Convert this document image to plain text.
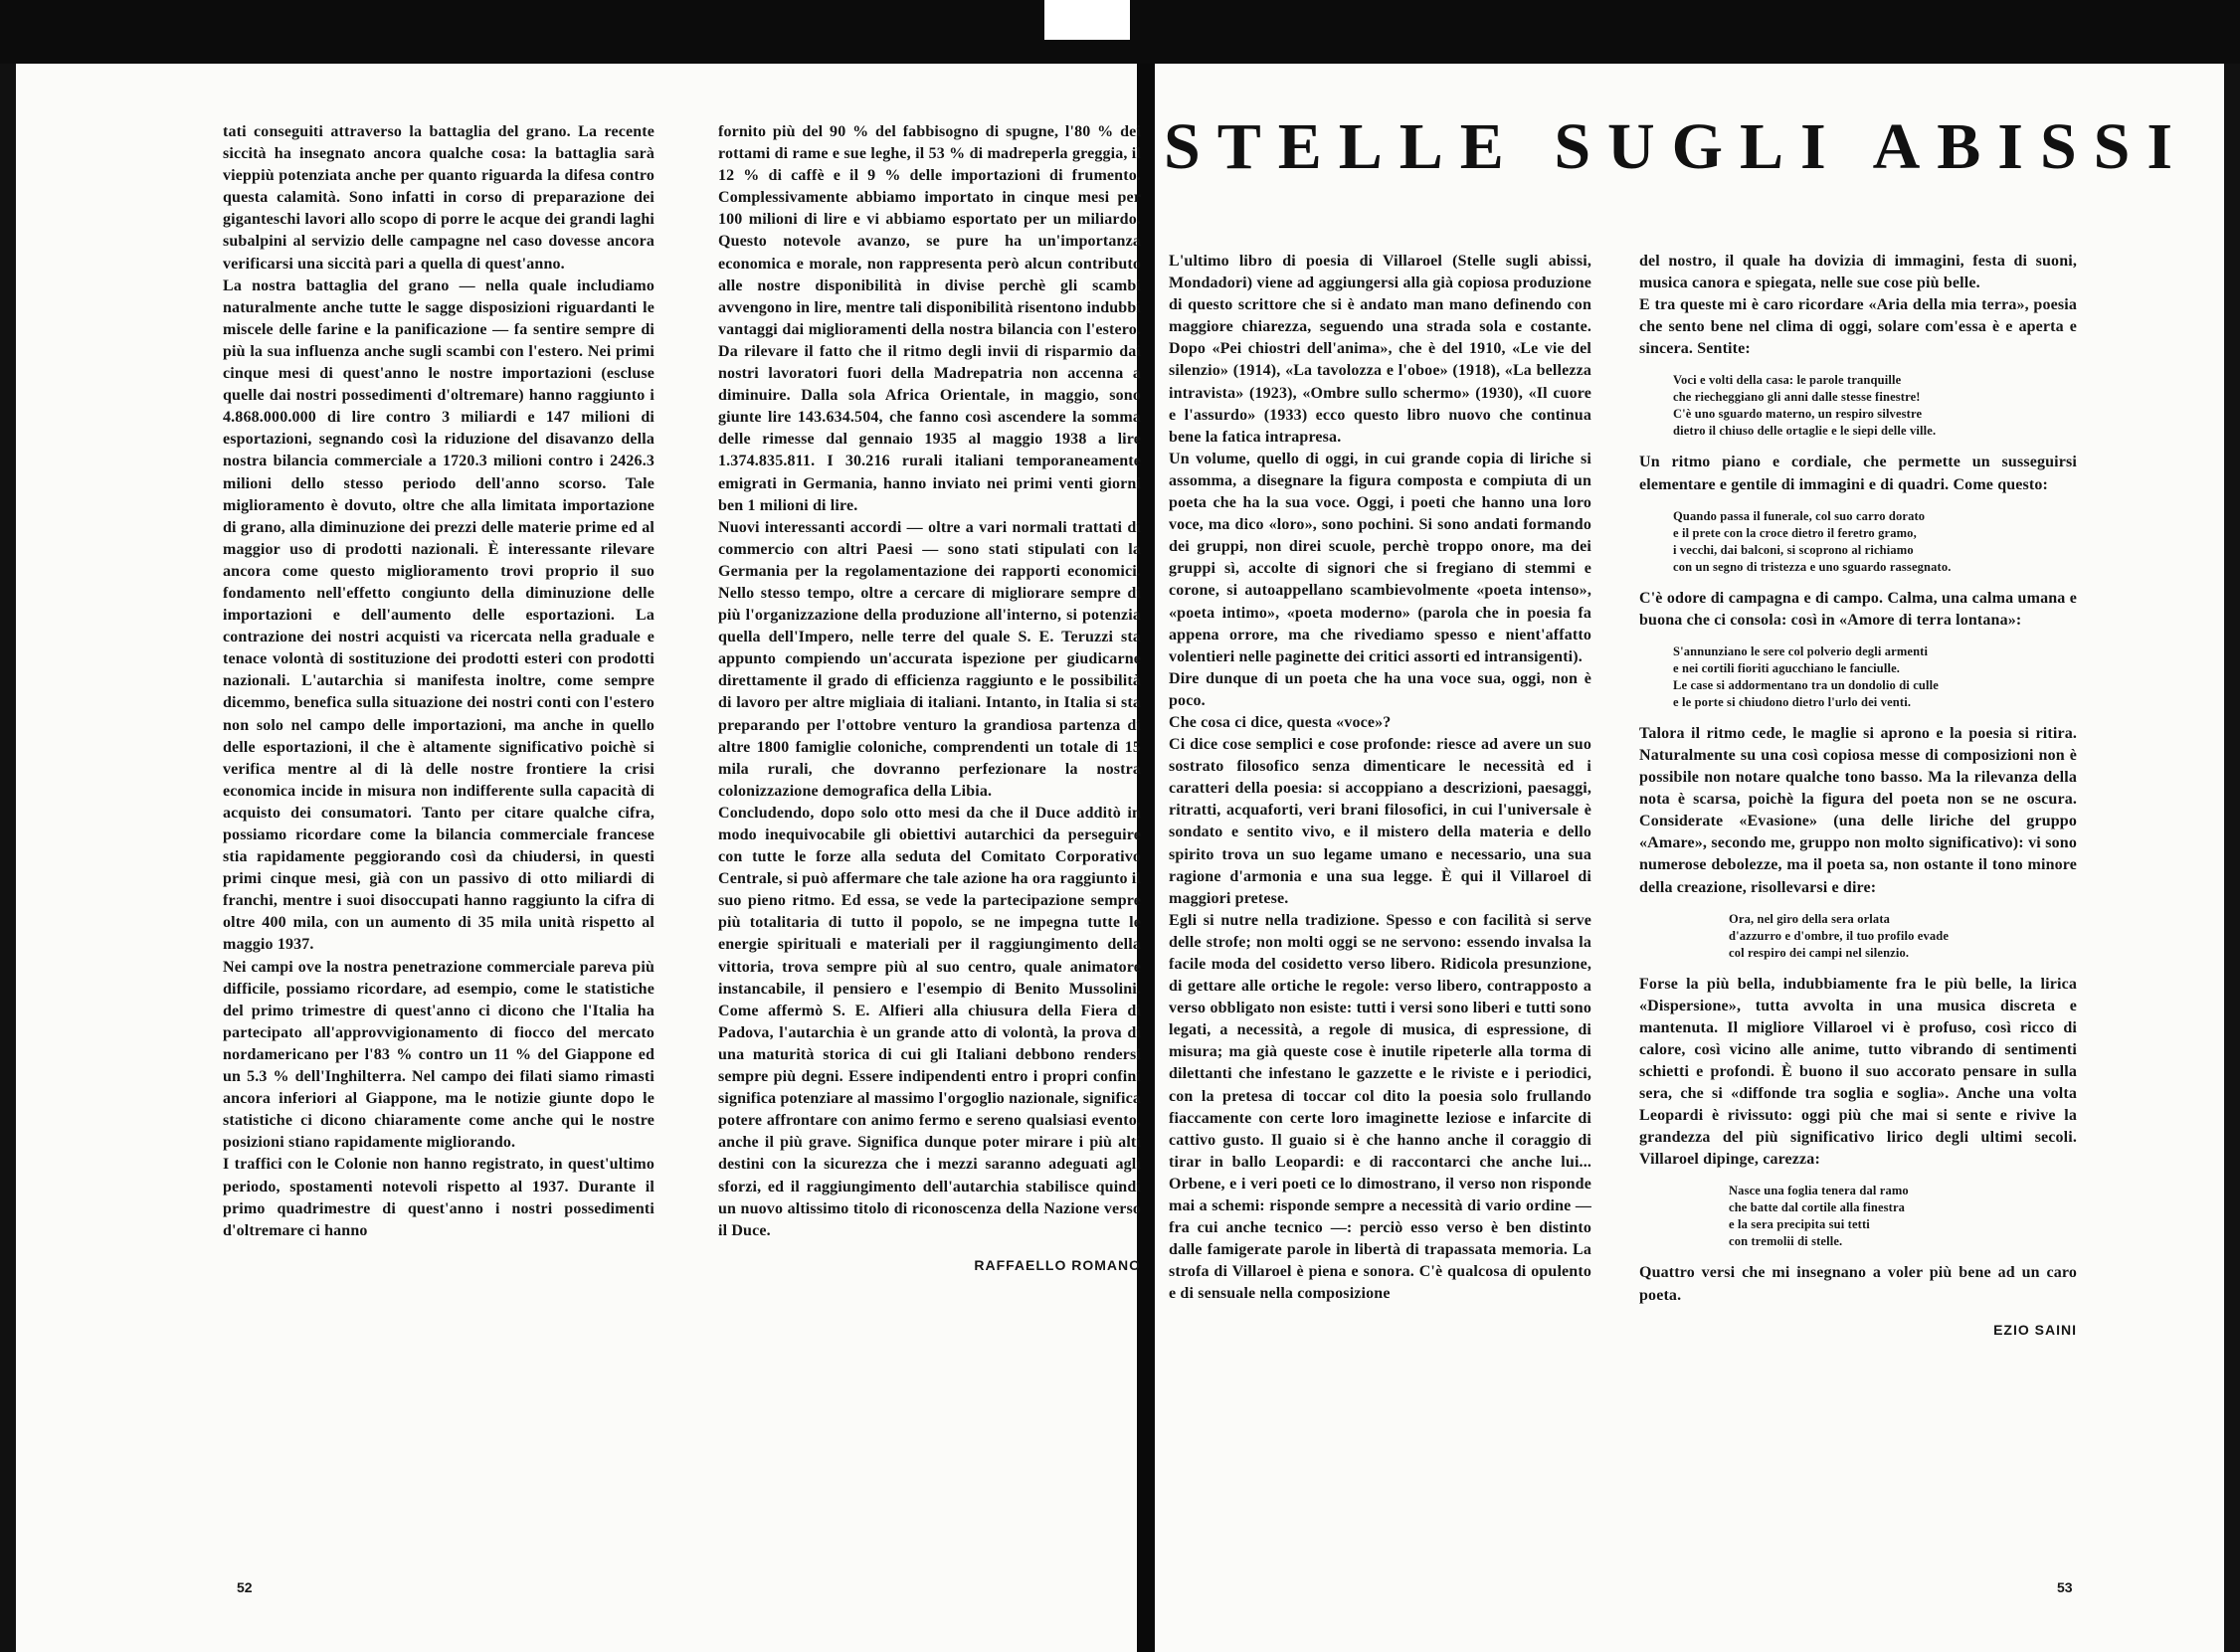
tati conseguiti attraverso la battaglia del grano. La recente siccità ha insegnato ancora qualche cosa: la battaglia sarà vieppiù potenziata anche per quanto riguarda la difesa contro questa calamità. Sono infatti in corso di preparazione dei giganteschi lavori allo scopo di porre le acque dei grandi laghi subalpini al servizio delle campagne nel caso dovesse ancora verificarsi una siccità pari a quella di quest'anno.

La nostra battaglia del grano — nella quale includiamo naturalmente anche tutte le sagge disposizioni riguardanti le miscele delle farine e la panificazione — fa sentire sempre di più la sua influenza anche sugli scambi con l'estero. Nei primi cinque mesi di quest'anno le nostre importazioni (escluse quelle dai nostri possedimenti d'oltremare) hanno raggiunto i 4.868.000.000 di lire contro 3 miliardi e 147 milioni di esportazioni, segnando così la riduzione del disavanzo della nostra bilancia commerciale a 1720.3 milioni contro i 2426.3 milioni dello stesso periodo dell'anno scorso. Tale miglioramento è dovuto, oltre che alla limitata importazione di grano, alla diminuzione dei prezzi delle materie prime ed al maggior uso di prodotti nazionali. È interessante rilevare ancora come questo miglioramento trovi proprio il suo fondamento nell'effetto congiunto della diminuzione delle importazioni e dell'aumento delle esportazioni. La contrazione dei nostri acquisti va ricercata nella graduale e tenace volontà di sostituzione dei prodotti esteri con prodotti nazionali. L'autarchia si manifesta inoltre, come sempre dicemmo, benefica sulla situazione dei nostri conti con l'estero non solo nel campo delle importazioni, ma anche in quello delle esportazioni, il che è altamente significativo poichè si verifica mentre al di là delle nostre frontiere la crisi economica incide in misura non indifferente sulla capacità di acquisto dei consumatori. Tanto per citare qualche cifra, possiamo ricordare come la bilancia commerciale francese stia rapidamente peggiorando così da chiudersi, in questi primi cinque mesi, già con un passivo di otto miliardi di franchi, mentre i suoi disoccupati hanno raggiunto la cifra di oltre 400 mila, con un aumento di 35 mila unità rispetto al maggio 1937.

Nei campi ove la nostra penetrazione commerciale pareva più difficile, possiamo ricordare, ad esempio, come le statistiche del primo trimestre di quest'anno ci dicono che l'Italia ha partecipato all'approvvigionamento di fiocco del mercato nordamericano per l'83 % contro un 11 % del Giappone ed un 5.3 % dell'Inghilterra. Nel campo dei filati siamo rimasti ancora inferiori al Giappone, ma le notizie giunte dopo le statistiche ci dicono chiaramente come anche qui le nostre posizioni stiano rapidamente migliorando.

I traffici con le Colonie non hanno registrato, in quest'ultimo periodo, spostamenti notevoli rispetto al 1937. Durante il primo quadrimestre di quest'anno i nostri possedimenti d'oltremare ci hanno

fornito più del 90 % del fabbisogno di spugne, l'80 % dei rottami di rame e sue leghe, il 53 % di madreperla greggia, il 12 % di caffè e il 9 % delle importazioni di frumento. Complessivamente abbiamo importato in cinque mesi per 100 milioni di lire e vi abbiamo esportato per un miliardo. Questo notevole avanzo, se pure ha un'importanza economica e morale, non rappresenta però alcun contributo alle nostre disponibilità in divise perchè gli scambi avvengono in lire, mentre tali disponibilità risentono indubbi vantaggi dai miglioramenti della nostra bilancia con l'estero. Da rilevare il fatto che il ritmo degli invii di risparmio dai nostri lavoratori fuori della Madrepatria non accenna a diminuire. Dalla sola Africa Orientale, in maggio, sono giunte lire 143.634.504, che fanno così ascendere la somma delle rimesse dal gennaio 1935 al maggio 1938 a lire 1.374.835.811. I 30.216 rurali italiani temporaneamente emigrati in Germania, hanno inviato nei primi venti giorni ben 1 milioni di lire.

Nuovi interessanti accordi — oltre a vari normali trattati di commercio con altri Paesi — sono stati stipulati con la Germania per la regolamentazione dei rapporti economici. Nello stesso tempo, oltre a cercare di migliorare sempre di più l'organizzazione della produzione all'interno, si potenzia quella dell'Impero, nelle terre del quale S. E. Teruzzi sta appunto compiendo un'accurata ispezione per giudicarne direttamente il grado di efficienza raggiunto e le possibilità di lavoro per altre migliaia di italiani. Intanto, in Italia si sta preparando per l'ottobre venturo la grandiosa partenza di altre 1800 famiglie coloniche, comprendenti un totale di 15 mila rurali, che dovranno perfezionare la nostra colonizzazione demografica della Libia.

Concludendo, dopo solo otto mesi da che il Duce additò in modo inequivocabile gli obiettivi autarchici da perseguire con tutte le forze alla seduta del Comitato Corporativo Centrale, si può affermare che tale azione ha ora raggiunto il suo pieno ritmo. Ed essa, se vede la partecipazione sempre più totalitaria di tutto il popolo, se ne impegna tutte le energie spirituali e materiali per il raggiungimento della vittoria, trova sempre più al suo centro, quale animatore instancabile, il pensiero e l'esempio di Benito Mussolini. Come affermò S. E. Alfieri alla chiusura della Fiera di Padova, l'autarchia è un grande atto di volontà, la prova di una maturità storica di cui gli Italiani debbono rendersi sempre più degni. Essere indipendenti entro i propri confini significa potenziare al massimo l'orgoglio nazionale, significa potere affrontare con animo fermo e sereno qualsiasi evento, anche il più grave. Significa dunque poter mirare i più alti destini con la sicurezza che i mezzi saranno adeguati agli sforzi, ed il raggiungimento dell'autarchia stabilisce quindi un nuovo altissimo titolo di riconoscenza della Nazione verso il Duce.

RAFFAELLO ROMANO
52
STELLE SUGLI ABISSI

L'ultimo libro di poesia di Villaroel (Stelle sugli abissi, Mondadori) viene ad aggiungersi alla già copiosa produzione di questo scrittore che si è andato man mano definendo con maggiore chiarezza, seguendo una strada sola e costante. Dopo «Pei chiostri dell'anima», che è del 1910, «Le vie del silenzio» (1914), «La tavolozza e l'oboe» (1918), «La bellezza intravista» (1923), «Ombre sullo schermo» (1930), «Il cuore e l'assurdo» (1933) ecco questo libro nuovo che continua bene la fatica intrapresa.

Un volume, quello di oggi, in cui grande copia di liriche si assomma, a disegnare la figura composta e compiuta di un poeta che ha la sua voce. Oggi, i poeti che hanno una loro voce, ma dico «loro», sono pochini. Si sono andati formando dei gruppi, non direi scuole, perchè troppo onore, ma dei gruppi sì, accolte di signori che si fregiano di stemmi e corone, si autoappellano scambievolmente «poeta intenso», «poeta intimo», «poeta moderno» (parola che in poesia fa appena orrore, ma che rivediamo spesso e nient'affatto volentieri nelle paginette dei critici assorti ed intransigenti).

Dire dunque di un poeta che ha una voce sua, oggi, non è poco.

Che cosa ci dice, questa «voce»?

Ci dice cose semplici e cose profonde: riesce ad avere un suo sostrato filosofico senza dimenticare le necessità ed i caratteri della poesia: si accoppiano a descrizioni, paesaggi, ritratti, acquaforti, veri brani filosofici, in cui l'universale è sondato e sentito vivo, e il mistero della materia e dello spirito trova un suo legame umano e necessario, una sua ragione d'armonia e una sua legge. È qui il Villaroel di maggiori pretese.

Egli si nutre nella tradizione. Spesso e con facilità si serve delle strofe; non molti oggi se ne servono: essendo invalsa la facile moda del cosidetto verso libero. Ridicola presunzione, di gettare alle ortiche le regole: verso libero, contrapposto a verso obbligato non esiste: tutti i versi sono liberi e tutti sono legati, a necessità, a regole di musica, di espressione, di misura; ma già queste cose è inutile ripeterle alla torma di dilettanti che infestano le gazzette e le riviste e i periodici, con la pretesa di toccar col dito la poesia solo frullando fiaccamente con certe loro imaginette leziose e infarcite di cattivo gusto. Il guaio si è che hanno anche il coraggio di tirar in ballo Leopardi: e di raccontarci che anche lui... Orbene, e i veri poeti ce lo dimostrano, il verso non risponde mai a schemi: risponde sempre a necessità di vario ordine — fra cui anche tecnico —: perciò esso verso è ben distinto dalle famigerate parole in libertà di trapassata memoria. La strofa di Villaroel è piena e sonora. C'è qualcosa di opulento e di sensuale nella composizione

del nostro, il quale ha dovizia di immagini, festa di suoni, musica canora e spiegata, nelle sue cose più belle.

E tra queste mi è caro ricordare «Aria della mia terra», poesia che sento bene nel clima di oggi, solare com'essa è e aperta e sincera. Sentite:

Voci e volti della casa: le parole tranquille
che riecheggiano gli anni dalle stesse finestre!
C'è uno sguardo materno, un respiro silvestre
dietro il chiuso delle ortaglie e le siepi delle ville.

Un ritmo piano e cordiale, che permette un susseguirsi elementare e gentile di immagini e di quadri. Come questo:

Quando passa il funerale, col suo carro dorato
e il prete con la croce dietro il feretro gramo,
i vecchi, dai balconi, si scoprono al richiamo
con un segno di tristezza e uno sguardo rassegnato.

C'è odore di campagna e di campo. Calma, una calma umana e buona che ci consola: così in «Amore di terra lontana»:

S'annunziano le sere col polverio degli armenti
e nei cortili fioriti agucchiano le fanciulle.
Le case si addormentano tra un dondolio di culle
e le porte si chiudono dietro l'urlo dei venti.

Talora il ritmo cede, le maglie si aprono e la poesia si ritira. Naturalmente su una così copiosa messe di composizioni non è possibile non notare qualche tono basso. Ma la rilevanza della nota è scarsa, poichè la figura del poeta non se ne oscura. Considerate «Evasione» (una delle liriche del gruppo «Amare», secondo me, gruppo non molto significativo): vi sono numerose debolezze, ma il poeta sa, non ostante il tono minore della creazione, risollevarsi e dire:

Ora, nel giro della sera orlata
d'azzurro e d'ombre, il tuo profilo evade
col respiro dei campi nel silenzio.

Forse la più bella, indubbiamente fra le più belle, la lirica «Dispersione», tutta avvolta in una musica discreta e mantenuta. Il migliore Villaroel vi è profuso, così ricco di calore, così vicino alle anime, tutto vibrando di sentimenti schietti e profondi. È buono il suo accorato pensare in sulla sera, che si «diffonde tra soglia e soglia». Anche una volta Leopardi è rivissuto: oggi più che mai si sente e rivive la grandezza del più significativo lirico degli ultimi secoli. Villaroel dipinge, carezza:

Nasce una foglia tenera dal ramo
che batte dal cortile alla finestra
e la sera precipita sui tetti
con tremolii di stelle.

Quattro versi che mi insegnano a voler più bene ad un caro poeta.

EZIO SAINI
53
